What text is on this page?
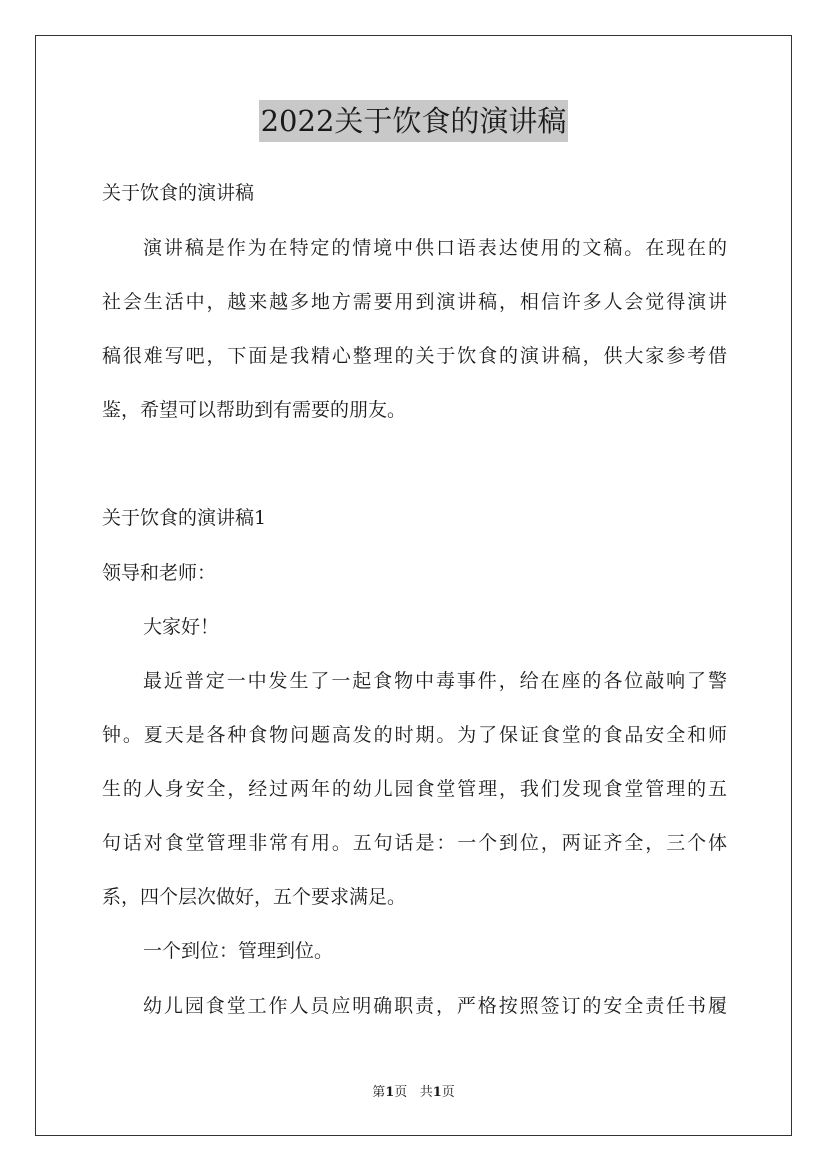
2022关于饮食的演讲稿
关于饮食的演讲稿
演讲稿是作为在特定的情境中供口语表达使用的文稿。在现在的
社会生活中，越来越多地方需要用到演讲稿，相信许多人会觉得演讲
稿很难写吧，下面是我精心整理的关于饮食的演讲稿，供大家参考借
鉴，希望可以帮助到有需要的朋友。
关于饮食的演讲稿1
领导和老师：
大家好！
最近普定一中发生了一起食物中毒事件，给在座的各位敲响了警
钟。夏天是各种食物问题高发的时期。为了保证食堂的食品安全和师
生的人身安全，经过两年的幼儿园食堂管理，我们发现食堂管理的五
句话对食堂管理非常有用。五句话是：一个到位，两证齐全，三个体
系，四个层次做好，五个要求满足。
一个到位：管理到位。
幼儿园食堂工作人员应明确职责，严格按照签订的安全责任书履
第1页 共1页
